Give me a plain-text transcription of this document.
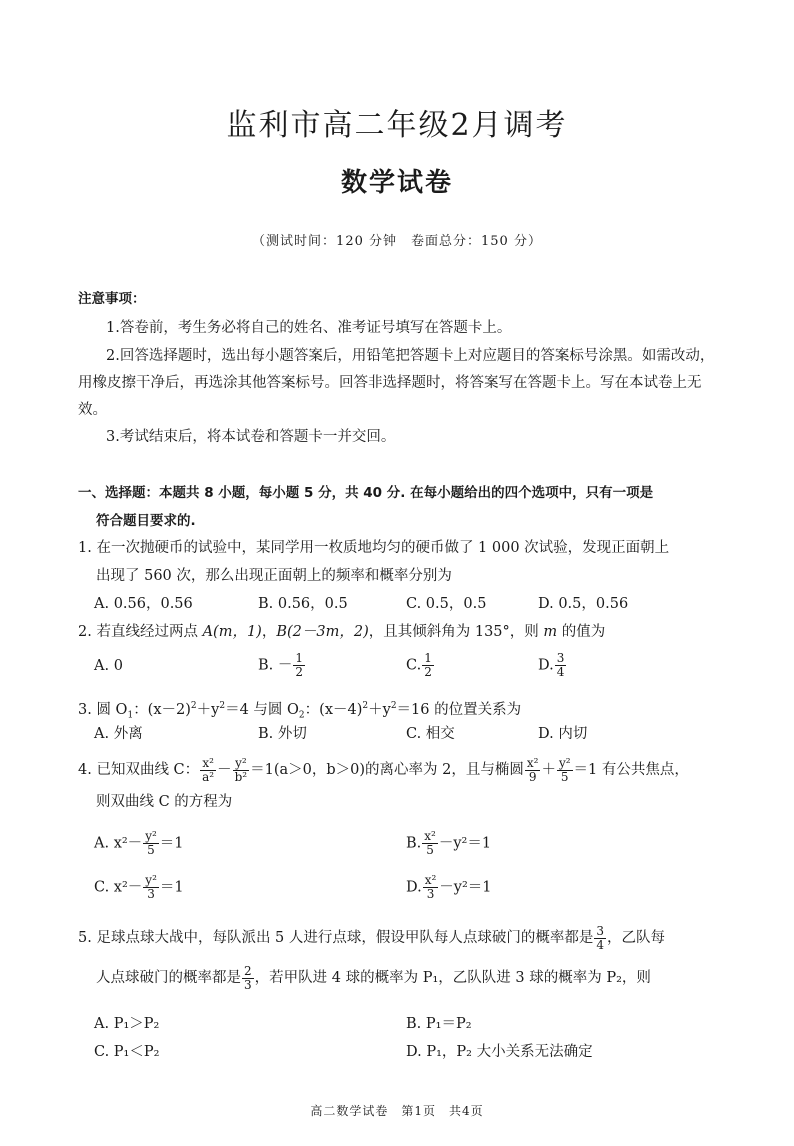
监利市高二年级2月调考
数学试卷
（测试时间：120 分钟　卷面总分：150 分）
注意事项：
1.答卷前，考生务必将自己的姓名、准考证号填写在答题卡上。
2.回答选择题时，选出每小题答案后，用铅笔把答题卡上对应题目的答案标号涂黑。如需改动，用橡皮擦干净后，再选涂其他答案标号。回答非选择题时，将答案写在答题卡上。写在本试卷上无效。
3.考试结束后，将本试卷和答题卡一并交回。
一、选择题：本题共 8 小题，每小题 5 分，共 40 分. 在每小题给出的四个选项中，只有一项是
符合题目要求的.
1. 在一次抛硬币的试验中，某同学用一枚质地均匀的硬币做了 1 000 次试验，发现正面朝上
出现了 560 次，那么出现正面朝上的频率和概率分别为
A. 0.56，0.56	B. 0.56，0.5	C. 0.5，0.5	D. 0.5，0.56
2. 若直线经过两点 A(m，1)，B(2－3m，2)，且其倾斜角为 135°，则 m 的值为
A. 0	B. － $\frac{1}{2}$	C. $\frac{1}{2}$	D. $\frac{3}{4}$
3. 圆 $O_1$：$(x-2)^2+y^2=4$ 与圆 $O_2$：$(x-4)^2+y^2=16$ 的位置关系为
A. 外离	B. 外切	C. 相交	D. 内切
4. 已知双曲线 C： $\frac{\text{x²}}{\text{a²}} - \frac{\text{y²}}{\text{b²}} =1(a>0$，b＞0)的离心率为 2，且与椭圆 $\frac{\text{x²}}{9} + \frac{\text{y²}}{5} =1$ 有公共焦点，
则双曲线 C 的方程为
A. $x^2- \frac{\text{y²}}{5} =1$	B. $\frac{\text{x²}}{5} -y^2=1$
C. $x^2- \frac{\text{y²}}{3} =1$	D. $\frac{\text{x²}}{3} -y^2=1$
5. 足球点球大战中，每队派出 5 人进行点球，假设甲队每人点球破门的概率都是 $\frac{3}{4}$ ，乙队每
人点球破门的概率都是 $\frac{2}{3}$ ，若甲队进 4 球的概率为 P₁，乙队队进 3 球的概率为 P₂，则
A. P₁＞P₂	B. P₁＝P₂
C. P₁＜P₂	D. P₁，P₂ 大小关系无法确定
高二数学试卷　第1页　共4页
